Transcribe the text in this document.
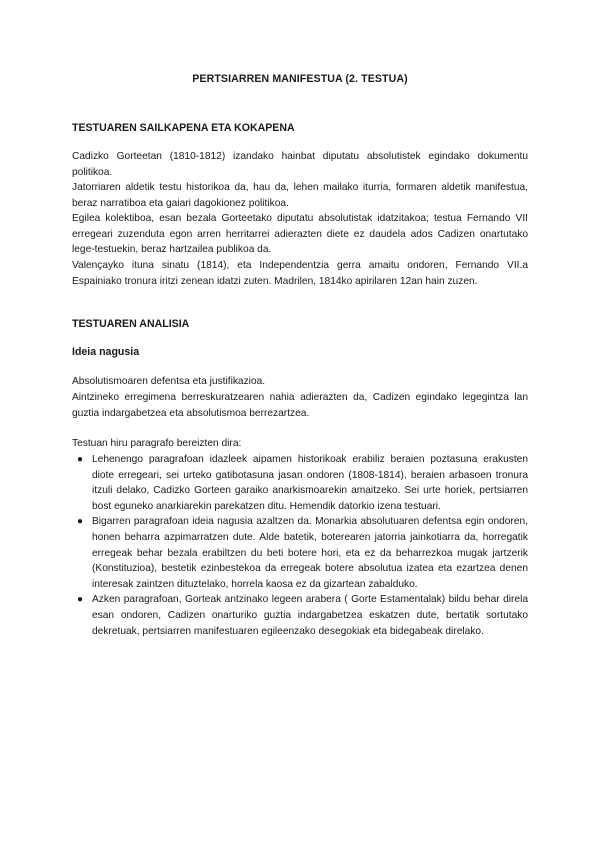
PERTSIARREN MANIFESTUA (2. TESTUA)
TESTUAREN SAILKAPENA ETA KOKAPENA
Cadizko Gorteetan (1810-1812) izandako hainbat diputatu absolutistek egindako dokumentu politikoa.
Jatorriaren aldetik testu historikoa da, hau da, lehen mailako iturria, formaren aldetik manifestua, beraz narratiboa eta gaiari dagokionez politikoa.
Egilea kolektiboa, esan bezala Gorteetako diputatu absolutistak idatzitakoa; testua Fernando VII erregeari zuzenduta egon arren herritarrei adierazten diete ez daudela ados Cadizen onartutako lege-testuekin, beraz hartzailea publikoa da.
Valençayko ituna sinatu (1814), eta Independentzia gerra amaitu ondoren, Fernando VII.a Espainiako tronura iritzi zenean idatzi zuten. Madrilen, 1814ko apirilaren 12an hain zuzen.
TESTUAREN ANALISIA
Ideia nagusia
Absolutismoaren defentsa eta justifikazioa.
Aintzineko erregimena berreskuratzearen nahia adierazten da, Cadizen egindako legegintza lan guztia indargabetzea eta absolutismoa berrezartzea.
Testuan hiru paragrafo bereizten dira:
● Lehenengo paragrafoan idazleek aipamen historikoak erabiliz beraien poztasuna erakusten diote erregeari, sei urteko gatibotasuna jasan ondoren (1808-1814), beraien arbasoen tronura itzuli delako, Cadizko Gorteen garaiko anarkismoarekin amaitzeko. Sei urte horiek, pertsiarren bost eguneko anarkiarekin parekatzen ditu. Hemendik datorkio izena testuari.
● Bigarren paragrafoan ideia nagusia azaltzen da. Monarkia absolutuaren defentsa egin ondoren, honen beharra azpimarratzen dute. Alde batetik, boterearen jatorria jainkotiarra da, horregatik erregeak behar bezala erabiltzen du beti botere hori, eta ez da beharrezkoa mugak jartzerik (Konstituzioa), bestetik ezinbestekoa da erregeak botere absolutua izatea eta ezartzea denen interesak zaintzen dituztelako, horrela kaosa ez da gizartean zabalduko.
● Azken paragrafoan, Gorteak antzinako legeen arabera ( Gorte Estamentalak) bildu behar direla esan ondoren, Cadizen onarturiko guztia indargabetzea eskatzen dute, bertatik sortutako dekretuak, pertsiarren manifestuaren egileenzako desegokiak eta bidegabeak direlako.
